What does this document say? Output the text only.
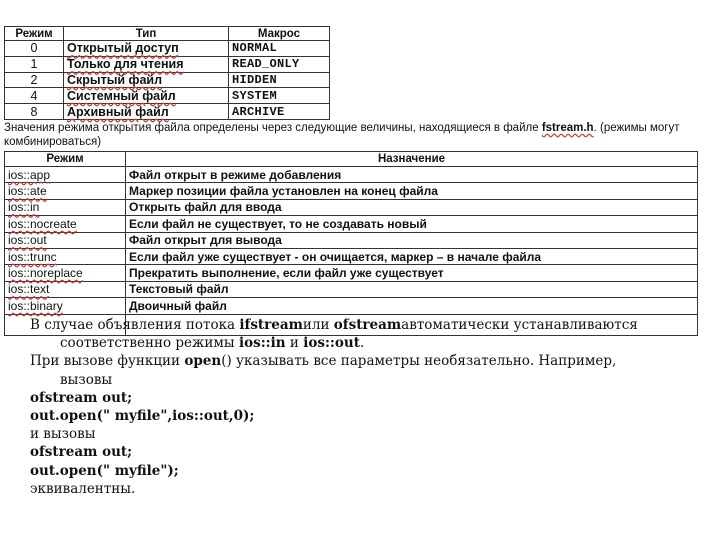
Режим	Тип	Макрос
0	Открытый доступ	NORMAL
1	Только для чтения	READ_ONLY
2	Скрытый файл	HIDDEN
4	Системный файл	SYSTEM
8	Архивный файл	ARCHIVE
Значения режима открытия файла определены через следующие величины, находящиеся в файле fstream.h. (режимы могут комбинироваться)
Режим	Назначение
ios::app	Файл открыт в режиме добавления
ios::ate	Маркер позиции файла установлен на конец файла
ios::in	Открыть файл для ввода
ios::nocreate	Если файл не существует, то не создавать новый
ios::out	Файл открыт для вывода
ios::trunc	Если файл уже существует - он очищается, маркер – в начале файла
ios::noreplace	Прекратить выполнение, если файл уже существует
ios::text	Текстовый файл
ios::binary	Двоичный файл

В случае объявления потока ifstreamили ofstreamавтоматически устанавливаются

соответственно режимы ios::in и ios::out.

При вызове функции open() указывать все параметры необязательно. Например,

вызовы

ofstream out;

out.open(" myfile",ios::out,0);

и вызовы

ofstream out;

out.open(" myfile");

эквивалентны.
